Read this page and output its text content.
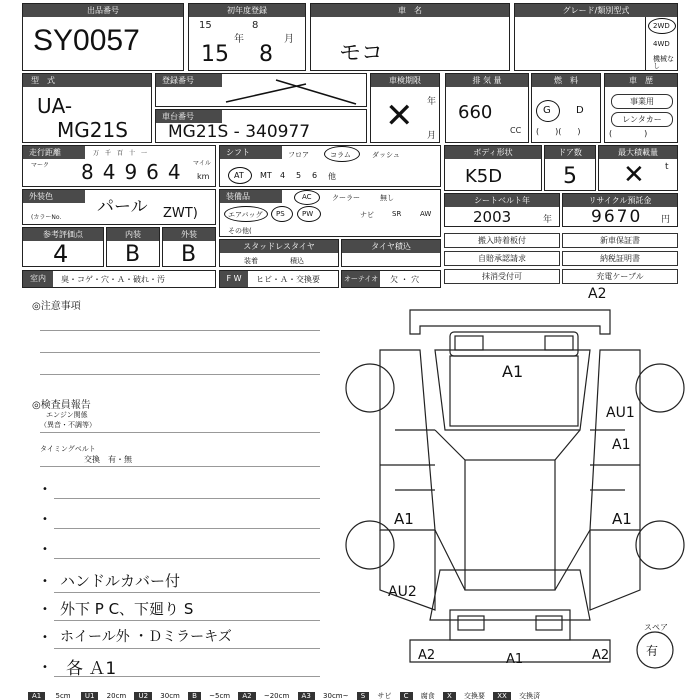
出品番号
SY0057
初年度登録
15
年
8
月
15 8
車　名
モコ
グレード/類別型式
2WD
4WD
機械なし
型　式
UA-
MG21S
登録番号
車台番号
MG21S - 340977
車検期限
年
月
✕
排 気 量
660
CC
燃　料
G	D
(　　)(　　)
車　歴
事業用
レンタカー
(　　　　)
走行距離
マーク
万　千　百　十　一
84964 マイル
km
シフト	フロア	コラム	ダッシュ
AT MT 4 5 6 他
ボディ形状
K5D
ドア数
5
最大積載量
✕ t
外装色
(カラーNo.
パール ZWT)
装備品	AC	クーラー	無し
エアバッグ PS PW	ナビ	SR	AW
その他(
シートベルト年
2003	年
リサイクル預託金
9670 円
参考評価点
4
内装
B
外装
B	スタッドレスタイヤ
装着	積込
タイヤ積込
搬入時着板付	新車保証書
自賠承認請求	納税証明書
抹消受付可	充電ケーブル
室内	臭・コゲ・穴・Ａ・破れ・汚	F W	ヒビ・Ａ・交換要	オーテイオ 欠 ・ 穴
◎注意事項
◎検査員報告
エンジン関係
（異音・不調等）
タイミングベルト
交換　有・無
•
•
•
• ハンドルカバー付
• 外下 P C、下廻り S
• ホイール外 ・Ｄミラーキズ
• 各 Ａ1
A2
A1
AU1
A1
A1	A1
AU2
A2	A1	A2
スペア
有
A1 5cm U1 20cm U2 30cm B ~5cm A2 ~20cm A3 30cm~ S サビ C 腐食 X 交換要 XX 交換済
